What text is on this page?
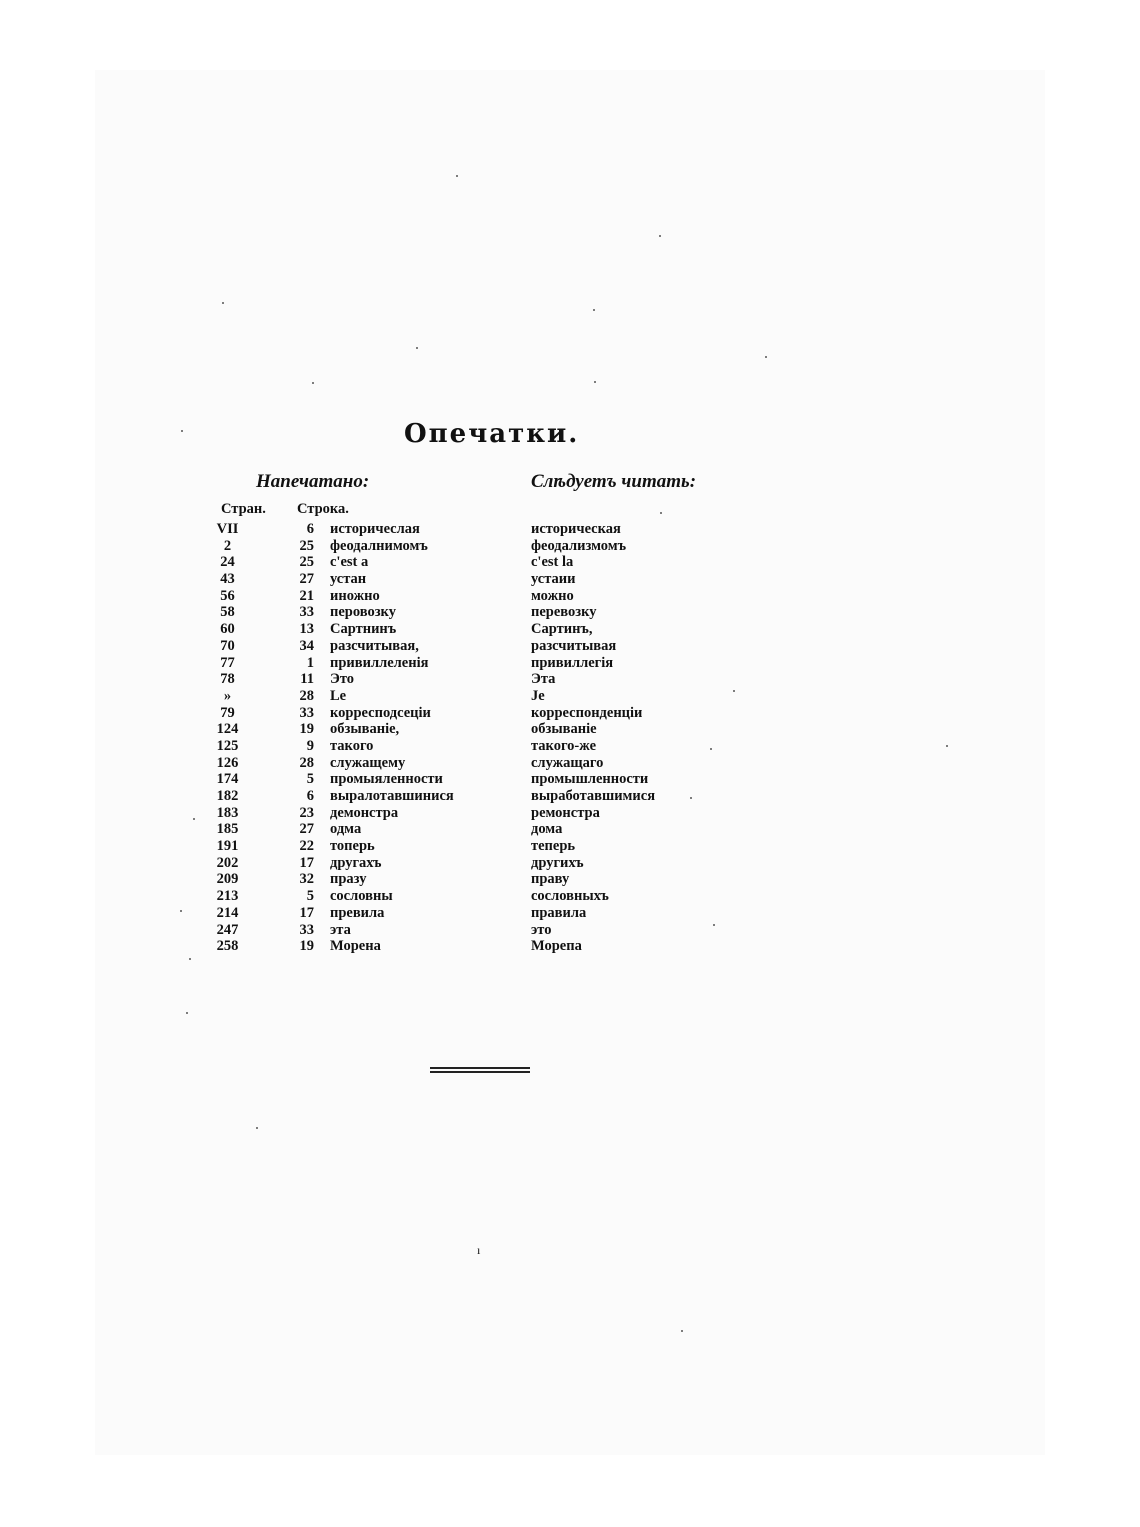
Опечатки.
Напечатано:	Слѣдуетъ читать:
Стран. Строка.
VII	6 историчеслая	историческая
2	25 феодалнимомъ	феодализмомъ
24	25 c'est a	c'est la
43	27 устан	устаии
56	21 иножно	можно
58	33 перовозку	перевозку
60	13 Сартнинъ	Сартинъ,
70	34 разсчитывая,	разсчитывая
77	1 привиллеленія	привиллегія
78	11 Это	Эта
»	28 Le	Je
79	33 корресподсеціи	корреспонденціи
124	19 обзываніе,	обзываніе
125	9 такого	такого-же
126	28 служащему	служащаго
174	5 промыяленности	промышленности
182	6 выралотавшинися	выработавшимися
183	23 демонстра	ремонстра
185	27 одма	дома
191	22 топерь	теперь
202	17 другахъ	другихъ
209	32 празу	праву
213	5 сословны	сословныхъ
214	17 превила	правила
247	33 эта	это
258	19 Морена	Морепа
ı
